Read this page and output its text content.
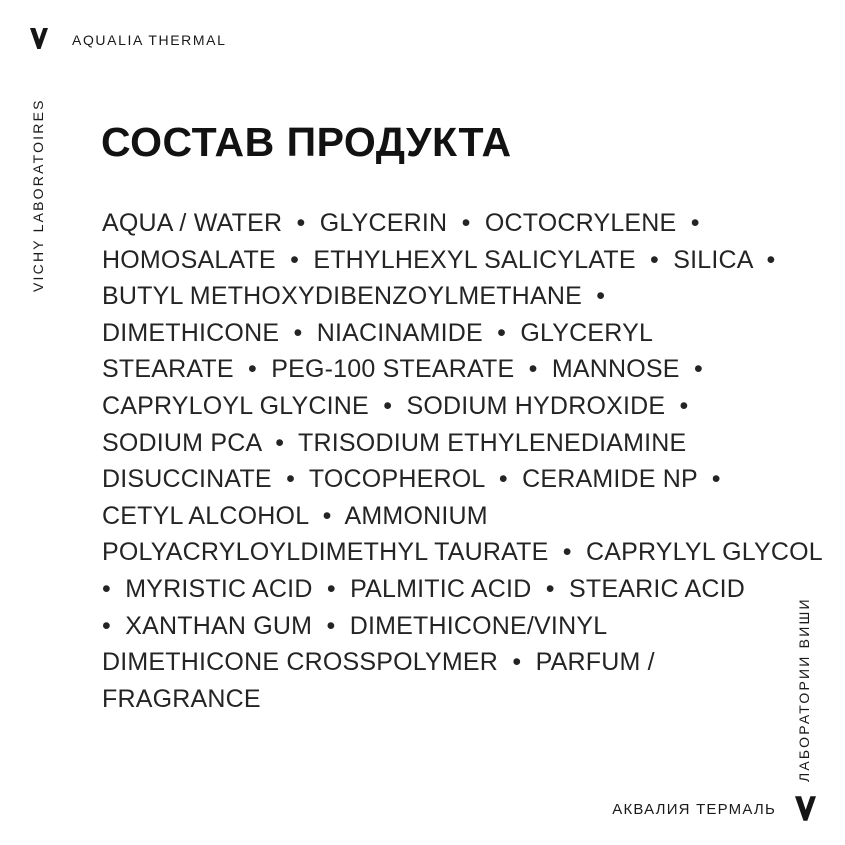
AQUALIA THERMAL
VICHY LABORATOIRES СОСТАВ ПРОДУКТА
AQUA / WATER  •  GLYCERIN  •  OCTOCRYLENE  •
HOMOSALATE  •  ETHYLHEXYL SALICYLATE  •  SILICA  •
BUTYL METHOXYDIBENZOYLMETHANE  •
DIMETHICONE  •  NIACINAMIDE  •  GLYCERYL
STEARATE  •  PEG-100 STEARATE  •  MANNOSE  •
CAPRYLOYL GLYCINE  •  SODIUM HYDROXIDE  •
SODIUM PCA  •  TRISODIUM ETHYLENEDIAMINE
DISUCCINATE  •  TOCOPHEROL  •  CERAMIDE NP  •
CETYL ALCOHOL  •  AMMONIUM
POLYACRYLOYLDIMETHYL TAURATE  •  CAPRYLYL GLYCOL
•  MYRISTIC ACID  •  PALMITIC ACID  •  STEARIC ACID
•  XANTHAN GUM  •  DIMETHICONE/VINYL
DIMETHICONE CROSSPOLYMER  •  PARFUM /
FRAGRANCE	ЛАБОРАТОРИИ ВИШИ
АКВАЛИЯ ТЕРМАЛЬ
